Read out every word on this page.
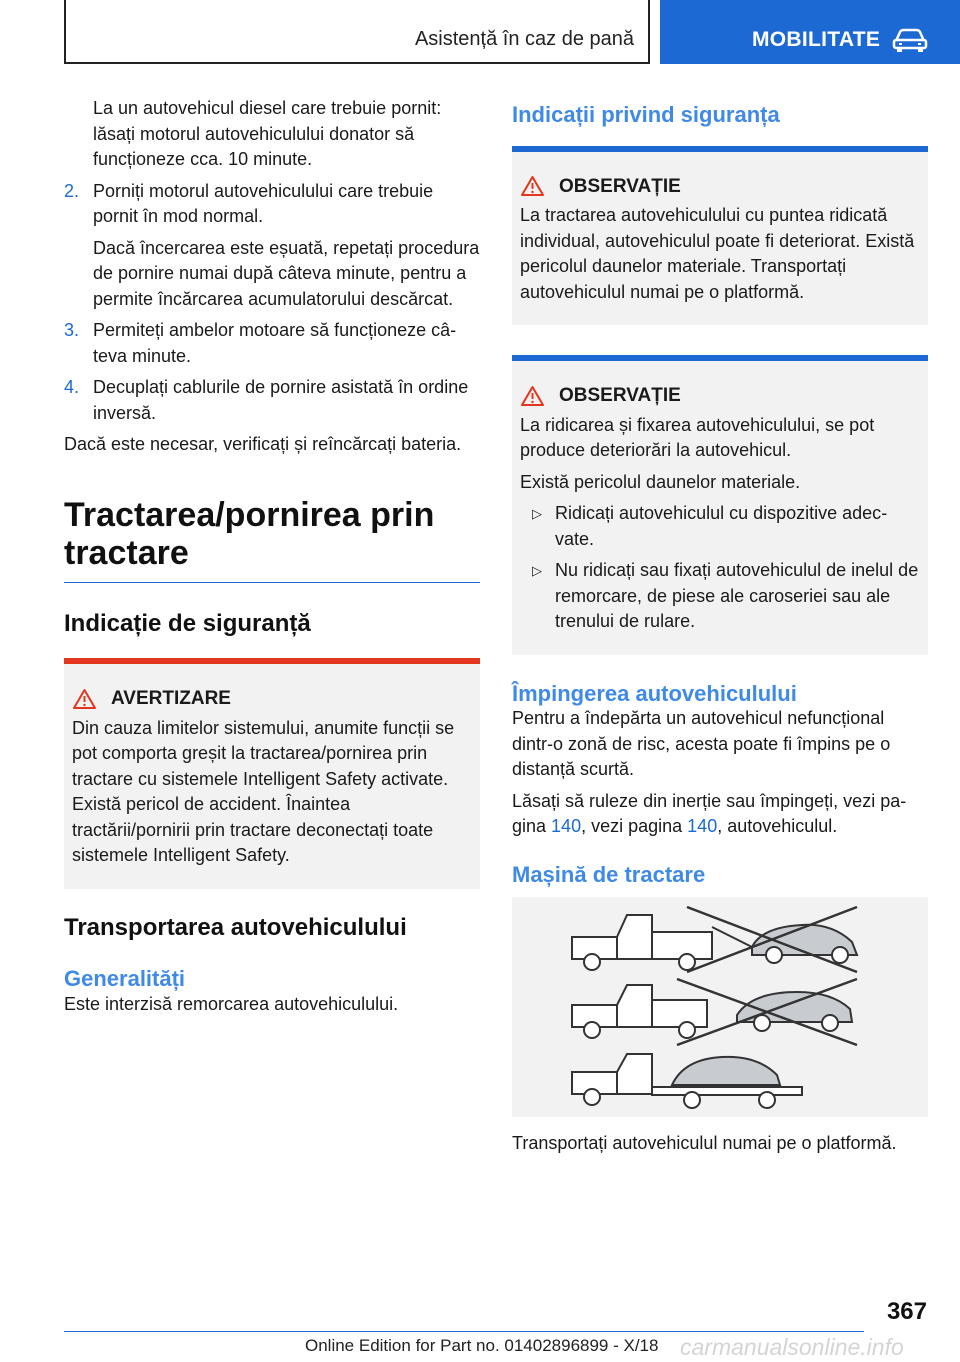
Asistență în caz de pană	MOBILITATE
La un autovehicul diesel care trebuie pornit: lăsați motorul autovehiculului donator să funcționeze cca. 10 minute.
2. Porniți motorul autovehiculului care trebuie pornit în mod normal.
Dacă încercarea este eșuată, repetați procedura de pornire numai după câteva minute, pentru a permite încărcarea acumulatorului descărcat.
3. Permiteți ambelor motoare să funcționeze câteva minute.
4. Decuplați cablurile de pornire asistată în ordine inversă.

Dacă este necesar, verificați și reîncărcați bateria.

Tractarea/pornirea prin tractare
Indicație de siguranță
AVERTIZARE
Din cauza limitelor sistemului, anumite funcții se pot comporta greșit la tractarea/pornirea prin tractare cu sistemele Intelligent Safety activate. Există pericol de accident. Înaintea tractării/pornirii prin tractare deconectați toate sistemele Intelligent Safety.
Transportarea autovehiculului
Generalități

Este interzisă remorcarea autovehiculului.

Indicații privind siguranța
OBSERVAȚIE
La tractarea autovehiculului cu puntea ridicată individual, autovehiculul poate fi deteriorat. Există pericolul daunelor materiale. Transportați autovehiculul numai pe o platformă.
OBSERVAȚIE
La ridicarea și fixarea autovehiculului, se pot produce deteriorări la autovehicul.
Există pericolul daunelor materiale.
▷ Ridicați autovehiculul cu dispozitive adecvate.
▷ Nu ridicați sau fixați autovehiculul de inelul de remorcare, de piese ale caroseriei sau ale trenului de rulare.
Împingerea autovehiculului

Pentru a îndepărta un autovehicul nefuncțional dintr-o zonă de risc, acesta poate fi împins pe o distanță scurtă.

Lăsați să ruleze din inerție sau împingeți, vezi pagina 140, vezi pagina 140, autovehiculul.

Mașină de tractare
Transportați autovehiculul numai pe o platformă.
367
Online Edition for Part no. 01402896899 - X/18 carmanualsonline.info
